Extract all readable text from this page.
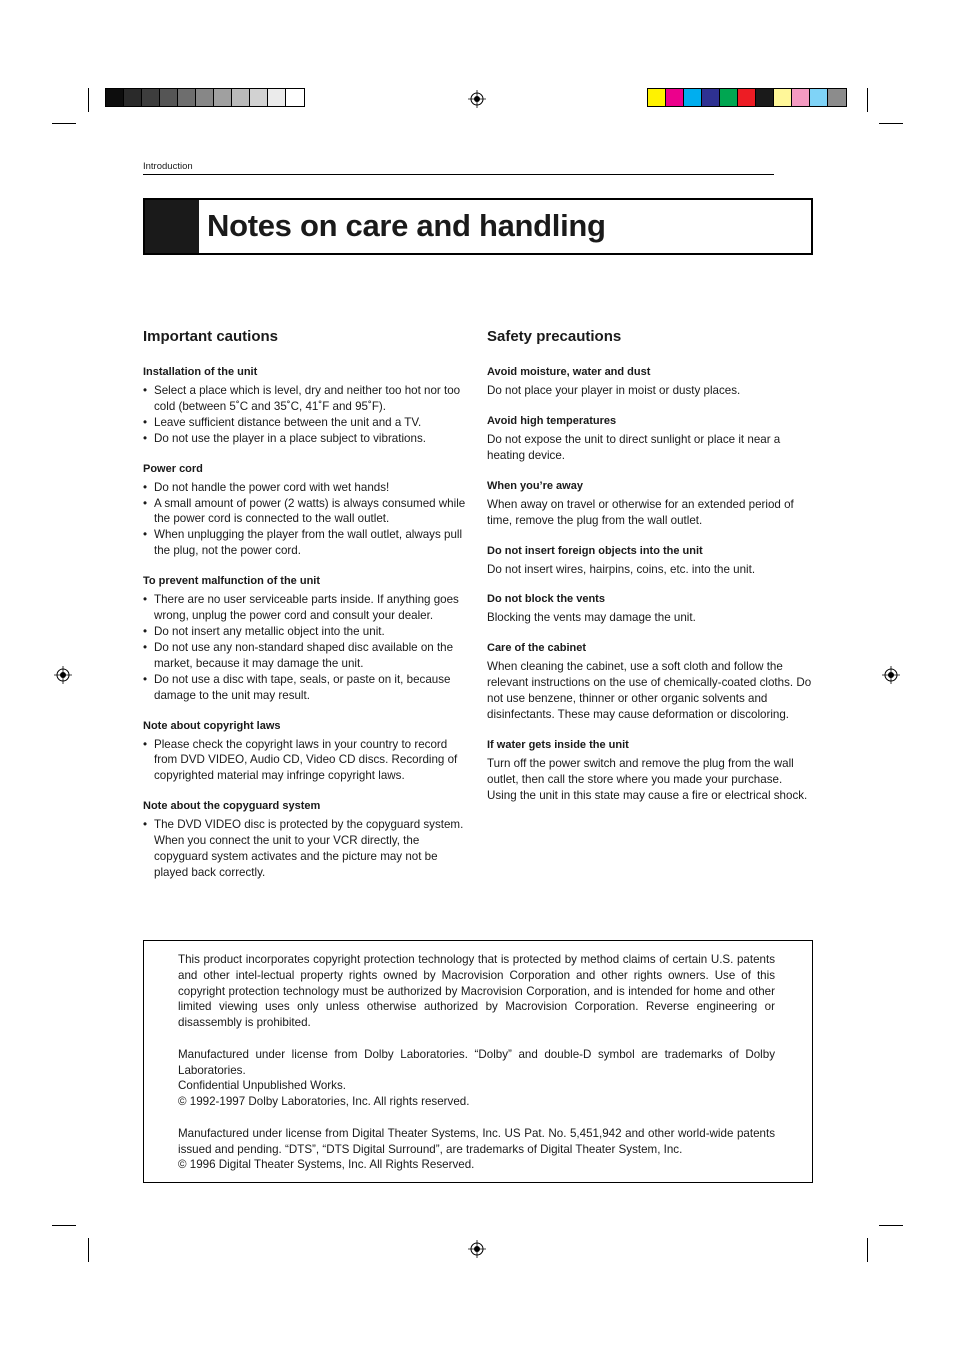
Introduction
Notes on care and handling
Important cautions
Installation of the unit
• Select a place which is level, dry and neither too hot nor too cold (between 5˚C and 35˚C, 41˚F and 95˚F).
• Leave sufficient distance between the unit and a TV.
• Do not use the player in a place subject to vibrations.
Power cord
• Do not handle the power cord with wet hands!
• A small amount of power (2 watts) is always consumed while the power cord is connected to the wall outlet.
• When unplugging the player from the wall outlet, always pull the plug, not the power cord.
To prevent malfunction of the unit
• There are no user serviceable parts inside. If anything goes wrong, unplug the power cord and consult your dealer.
• Do not insert any metallic object into the unit.
• Do not use any non-standard shaped disc available on the market, because it may damage the unit.
• Do not use a disc with tape, seals, or paste on it, because damage to the unit may result.
Note about copyright laws
• Please check the copyright laws in your country to record from DVD VIDEO, Audio CD, Video CD discs. Recording of copyrighted material may infringe copyright laws.
Note about the copyguard system
• The DVD VIDEO disc is protected by the copyguard system. When you connect the unit to your VCR directly, the copyguard system activates and the picture may not be played back correctly.
Safety precautions
Avoid moisture, water and dust

Do not place your player in moist or dusty places.

Avoid high temperatures

Do not expose the unit to direct sunlight or place it near a heating device.

When you’re away

When away on travel or otherwise for an extended period of time, remove the plug from the wall outlet.

Do not insert foreign objects into the unit

Do not insert wires, hairpins, coins, etc. into the unit.

Do not block the vents

Blocking the vents may damage the unit.

Care of the cabinet

When cleaning the cabinet, use a soft cloth and follow the relevant instructions on the use of chemically-coated cloths. Do not use benzene, thinner or other organic solvents and disinfectants. These may cause deformation or discoloring.

If water gets inside the unit

Turn off the power switch and remove the plug from the wall outlet, then call the store where you made your purchase. Using the unit in this state may cause a fire or electrical shock.

This product incorporates copyright protection technology that is protected by method claims of certain U.S. patents and other intel-lectual property rights owned by Macrovision Corporation and other rights owners. Use of this copyright protection technology must be authorized by Macrovision Corporation, and is intended for home and other limited viewing uses only unless otherwise authorized by Macrovision Corporation. Reverse engineering or disassembly is prohibited.

Manufactured under license from Dolby Laboratories. “Dolby” and double-D symbol are trademarks of Dolby Laboratories.
Confidential Unpublished Works.
© 1992-1997 Dolby Laboratories, Inc. All rights reserved.

Manufactured under license from Digital Theater Systems, Inc. US Pat. No. 5,451,942 and other world-wide patents issued and pending. “DTS”, “DTS Digital Surround”, are trademarks of Digital Theater System, Inc.
© 1996 Digital Theater Systems, Inc. All Rights Reserved.
